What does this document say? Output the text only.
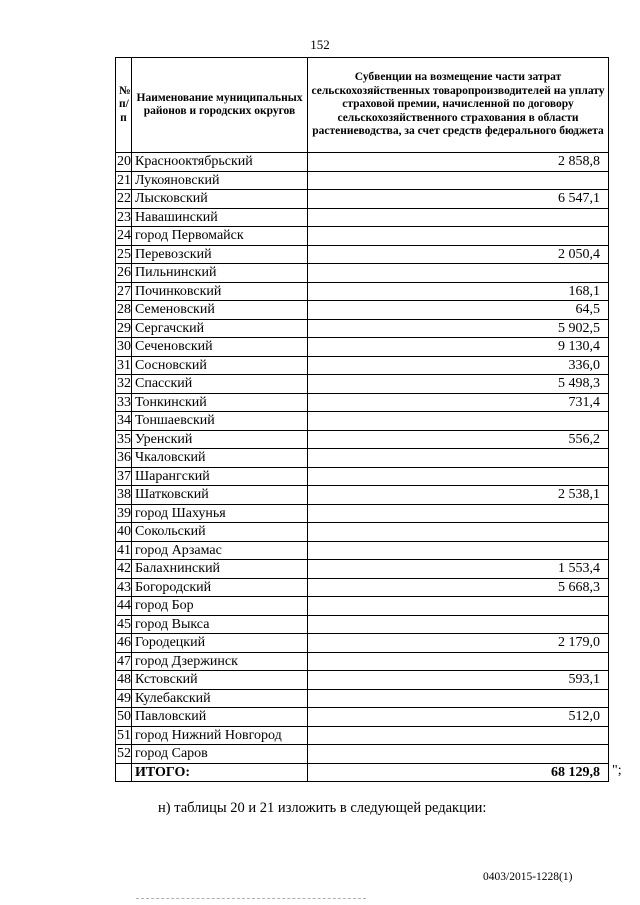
152
№ п/п	Наименование муниципальных районов и городских округов	Субвенции на возмещение части затрат сельскохозяйственных товаропроизводителей на уплату страховой премии, начисленной по договору сельскохозяйственного страхования в области растениеводства, за счет средств федерального бюджета
20	Краснооктябрьский	2 858,8
21	Лукояновский	
22	Лысковский	6 547,1
23	Навашинский	
24	город Первомайск	
25	Перевозский	2 050,4
26	Пильнинский	
27	Починковский	168,1
28	Семеновский	64,5
29	Сергачский	5 902,5
30	Сеченовский	9 130,4
31	Сосновский	336,0
32	Спасский	5 498,3
33	Тонкинский	731,4
34	Тоншаевский	
35	Уренский	556,2
36	Чкаловский	
37	Шарангский	
38	Шатковский	2 538,1
39	город Шахунья	
40	Сокольский	
41	город Арзамас	
42	Балахнинский	1 553,4
43	Богородский	5 668,3
44	город Бор	
45	город Выкса	
46	Городецкий	2 179,0
47	город Дзержинск	
48	Кстовский	593,1
49	Кулебакский	
50	Павловский	512,0
51	город Нижний Новгород	
52	город Саров	
	ИТОГО:	68 129,8 ";
н) таблицы 20 и 21 изложить в следующей редакции:
0403/2015-1228(1)
